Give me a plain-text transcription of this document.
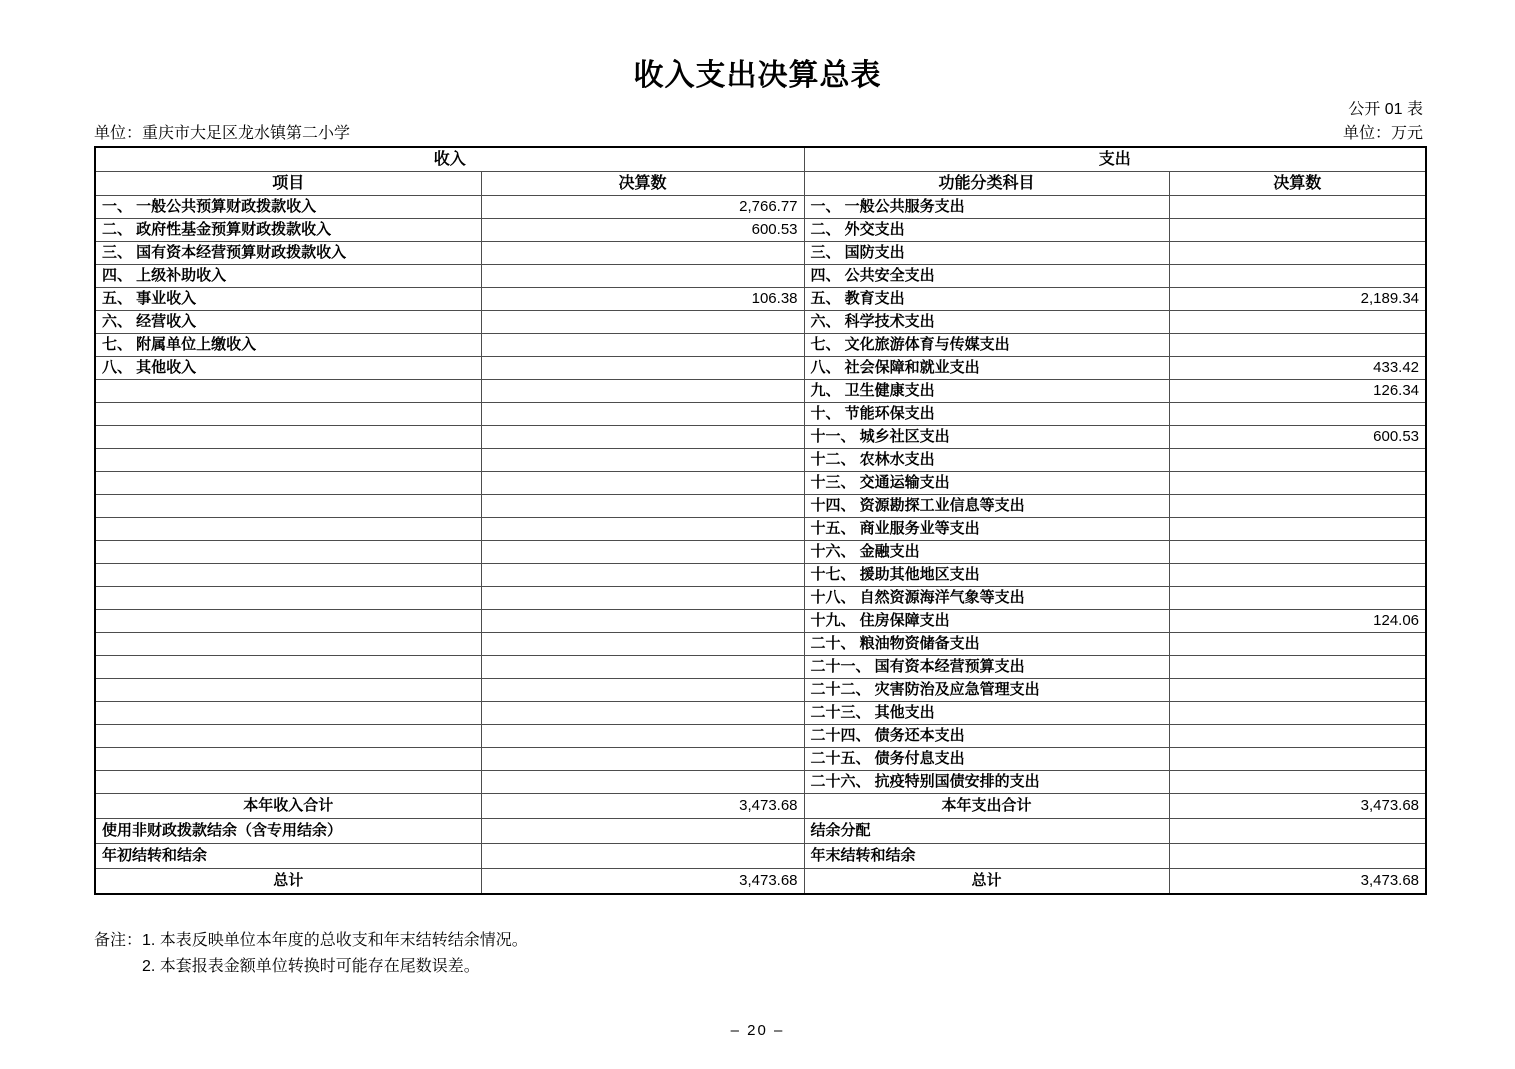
收入支出决算总表
公开 01 表
单位：重庆市大足区龙水镇第二小学	单位：万元
收入		支出	
项目	决算数	功能分类科目	决算数
一、 一般公共预算财政拨款收入	2,766.77	一、 一般公共服务支出	
二、 政府性基金预算财政拨款收入	600.53	二、 外交支出	
三、 国有资本经营预算财政拨款收入		三、 国防支出	
四、 上级补助收入		四、 公共安全支出	
五、 事业收入	106.38	五、 教育支出	2,189.34
六、 经营收入		六、 科学技术支出	
七、 附属单位上缴收入		七、 文化旅游体育与传媒支出	
八、 其他收入		八、 社会保障和就业支出	433.42
		九、 卫生健康支出	126.34
		十、 节能环保支出	
		十一、 城乡社区支出	600.53
		十二、 农林水支出	
		十三、 交通运输支出	
		十四、 资源勘探工业信息等支出	
		十五、 商业服务业等支出	
		十六、 金融支出	
		十七、 援助其他地区支出	
		十八、 自然资源海洋气象等支出	
		十九、 住房保障支出	124.06
		二十、 粮油物资储备支出	
		二十一、 国有资本经营预算支出	
		二十二、 灾害防治及应急管理支出	
		二十三、 其他支出	
		二十四、 债务还本支出	
		二十五、 债务付息支出	
		二十六、 抗疫特别国债安排的支出	
本年收入合计	3,473.68	本年支出合计	3,473.68
使用非财政拨款结余（含专用结余）		结余分配	
年初结转和结余		年末结转和结余	
总计	3,473.68	总计	3,473.68
备注：1. 本表反映单位本年度的总收支和年末结转结余情况。
2. 本套报表金额单位转换时可能存在尾数误差。
– 20 –
